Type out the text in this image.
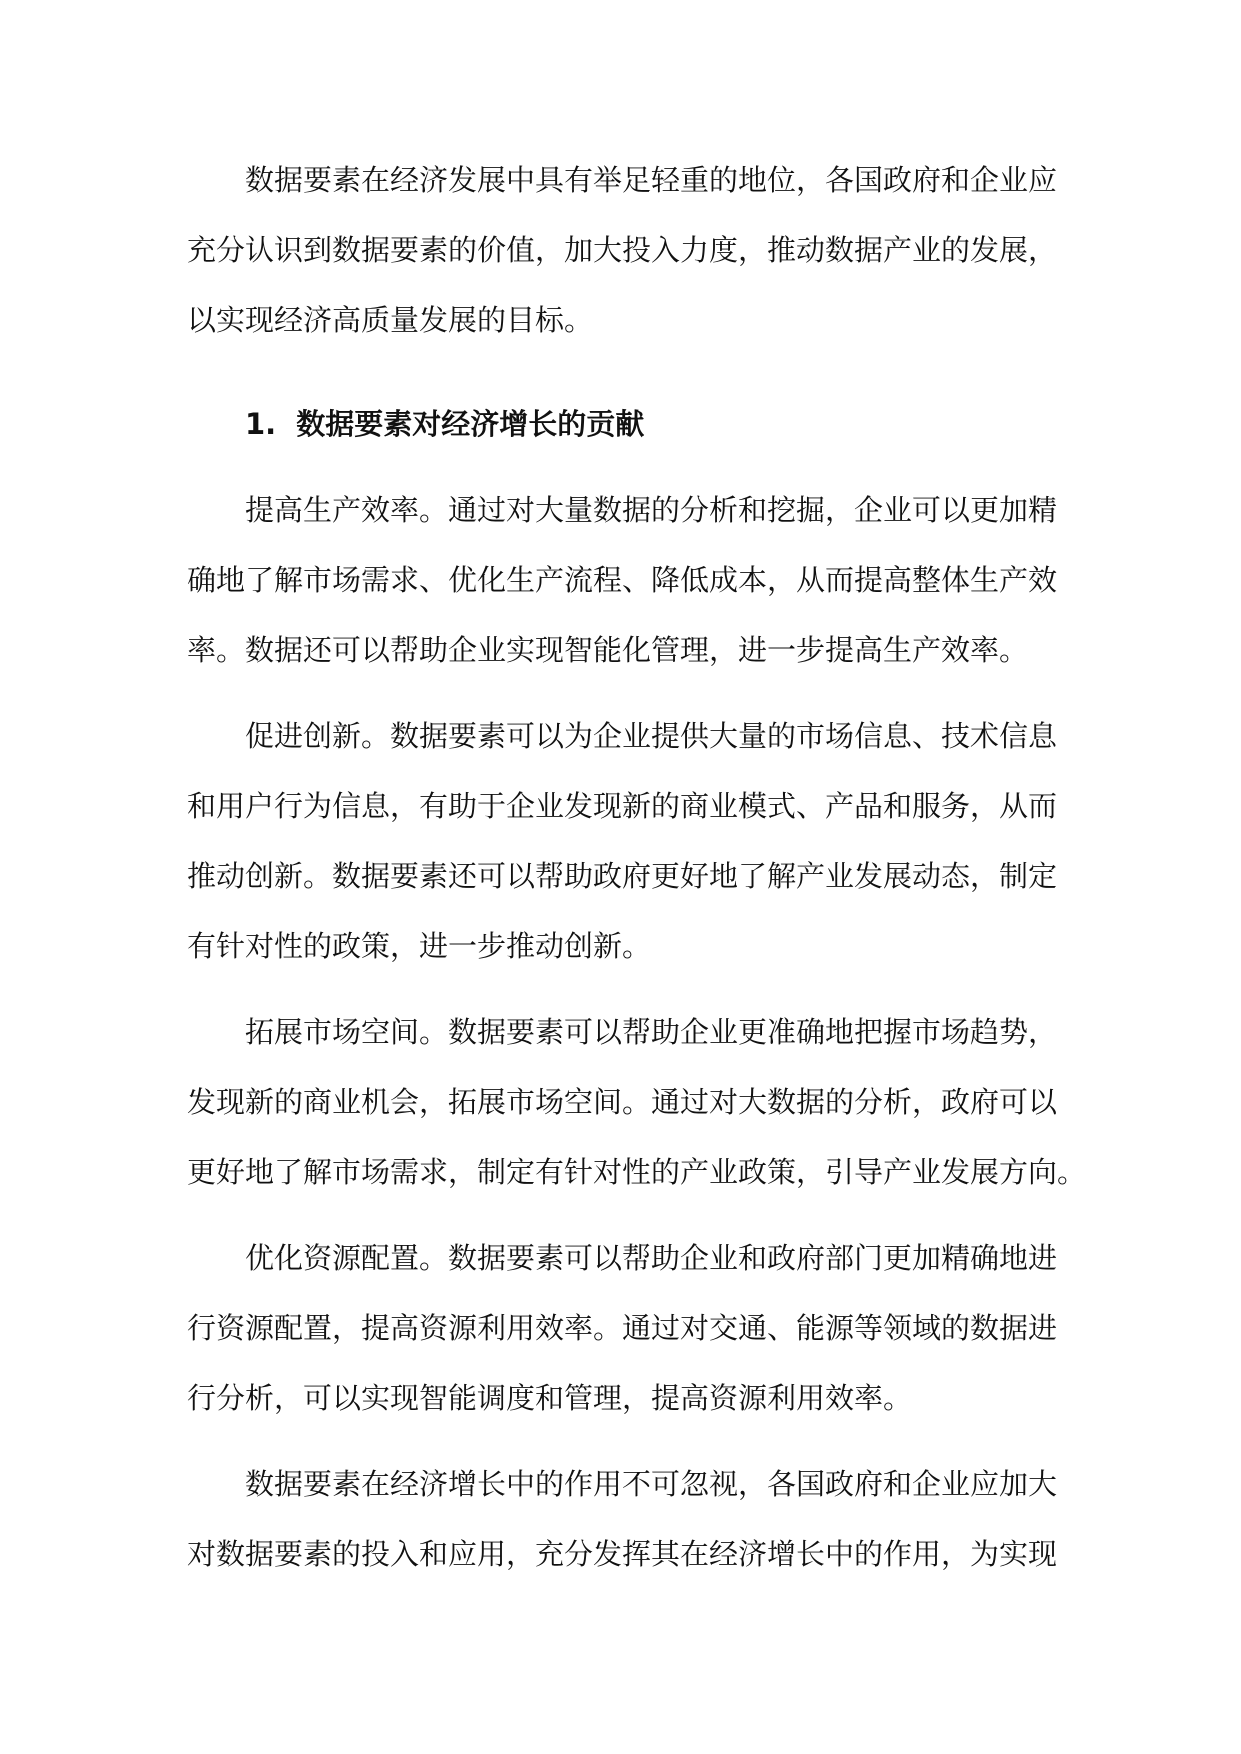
数据要素在经济发展中具有举足轻重的地位，各国政府和企业应
充分认识到数据要素的价值，加大投入力度，推动数据产业的发展，
以实现经济高质量发展的目标。
1. 数据要素对经济增长的贡献
提高生产效率。通过对大量数据的分析和挖掘，企业可以更加精
确地了解市场需求、优化生产流程、降低成本，从而提高整体生产效
率。数据还可以帮助企业实现智能化管理，进一步提高生产效率。
促进创新。数据要素可以为企业提供大量的市场信息、技术信息
和用户行为信息，有助于企业发现新的商业模式、产品和服务，从而
推动创新。数据要素还可以帮助政府更好地了解产业发展动态，制定
有针对性的政策，进一步推动创新。
拓展市场空间。数据要素可以帮助企业更准确地把握市场趋势，
发现新的商业机会，拓展市场空间。通过对大数据的分析，政府可以
更好地了解市场需求，制定有针对性的产业政策，引导产业发展方向。
优化资源配置。数据要素可以帮助企业和政府部门更加精确地进
行资源配置，提高资源利用效率。通过对交通、能源等领域的数据进
行分析，可以实现智能调度和管理，提高资源利用效率。
数据要素在经济增长中的作用不可忽视，各国政府和企业应加大
对数据要素的投入和应用，充分发挥其在经济增长中的作用，为实现
